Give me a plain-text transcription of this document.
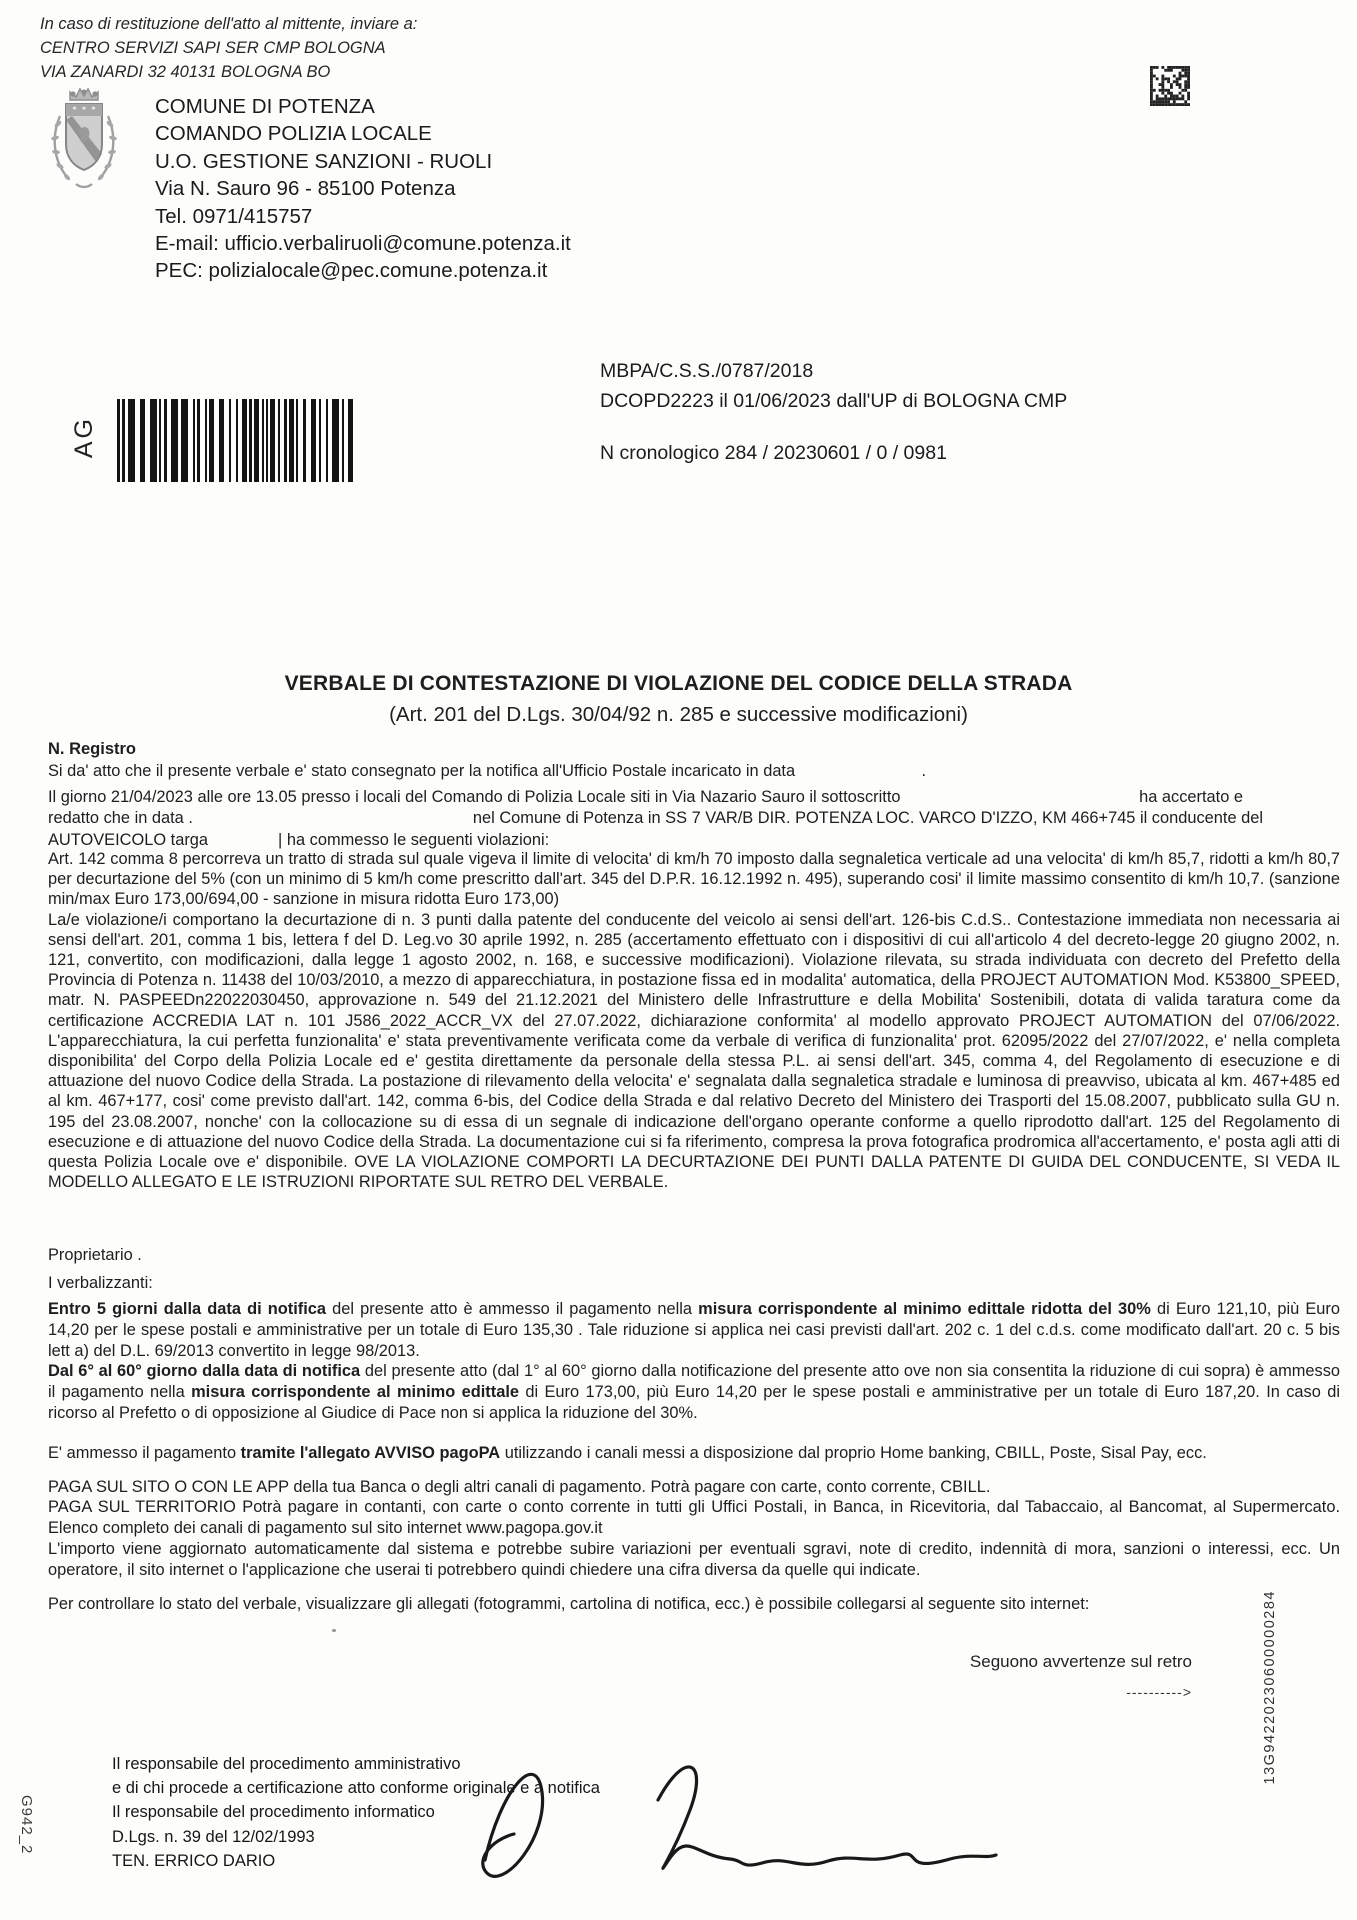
In caso di restituzione dell'atto al mittente, inviare a:
CENTRO SERVIZI SAPI SER CMP BOLOGNA
VIA ZANARDI 32 40131 BOLOGNA BO
COMUNE DI POTENZA
COMANDO POLIZIA LOCALE
U.O. GESTIONE SANZIONI - RUOLI
Via N. Sauro 96 - 85100 Potenza
Tel. 0971/415757
E-mail: ufficio.verbaliruoli@comune.potenza.it
PEC: polizialocale@pec.comune.potenza.it
AG
MBPA/C.S.S./0787/2018
DCOPD2223 il 01/06/2023 dall'UP di BOLOGNA CMP
N cronologico 284 / 20230601 / 0 / 0981
VERBALE DI CONTESTAZIONE DI VIOLAZIONE DEL CODICE DELLA STRADA
(Art. 201 del D.Lgs. 30/04/92 n. 285 e successive modificazioni)
N. Registro
Si da' atto che il presente verbale e' stato consegnato per la notifica all'Ufficio Postale incaricato in data	.
Il giorno 21/04/2023 alle ore 13.05 presso i locali del Comando di Polizia Locale siti in Via Nazario Sauro il sottoscritto	ha accertato e
redatto che in data .	nel Comune di Potenza in SS 7 VAR/B DIR. POTENZA LOC. VARCO D'IZZO, KM 466+745 il conducente del
AUTOVEICOLO targa	| ha commesso le seguenti violazioni:

Art. 142 comma 8 percorreva un tratto di strada sul quale vigeva il limite di velocita' di km/h 70 imposto dalla segnaletica verticale ad una velocita' di km/h 85,7, ridotti a km/h 80,7 per decurtazione del 5% (con un minimo di 5 km/h come prescritto dall'art. 345 del D.P.R. 16.12.1992 n. 495), superando cosi' il limite massimo consentito di km/h 10,7. (sanzione min/max Euro 173,00/694,00 - sanzione in misura ridotta Euro 173,00)

La/e violazione/i comportano la decurtazione di n. 3 punti dalla patente del conducente del veicolo ai sensi dell'art. 126-bis C.d.S.. Contestazione immediata non necessaria ai sensi dell'art. 201, comma 1 bis, lettera f del D. Leg.vo 30 aprile 1992, n. 285 (accertamento effettuato con i dispositivi di cui all'articolo 4 del decreto-legge 20 giugno 2002, n. 121, convertito, con modificazioni, dalla legge 1 agosto 2002, n. 168, e successive modificazioni). Violazione rilevata, su strada individuata con decreto del Prefetto della Provincia di Potenza n. 11438 del 10/03/2010, a mezzo di apparecchiatura, in postazione fissa ed in modalita' automatica, della PROJECT AUTOMATION Mod. K53800_SPEED, matr. N. PASPEEDn22022030450, approvazione n. 549 del 21.12.2021 del Ministero delle Infrastrutture e della Mobilita' Sostenibili, dotata di valida taratura come da certificazione ACCREDIA LAT n. 101 J586_2022_ACCR_VX del 27.07.2022, dichiarazione conformita' al modello approvato PROJECT AUTOMATION del 07/06/2022. L'apparecchiatura, la cui perfetta funzionalita' e' stata preventivamente verificata come da verbale di verifica di funzionalita' prot. 62095/2022 del 27/07/2022, e' nella completa disponibilita' del Corpo della Polizia Locale ed e' gestita direttamente da personale della stessa P.L. ai sensi dell'art. 345, comma 4, del Regolamento di esecuzione e di attuazione del nuovo Codice della Strada. La postazione di rilevamento della velocita' e' segnalata dalla segnaletica stradale e luminosa di preavviso, ubicata al km. 467+485 ed al km. 467+177, cosi' come previsto dall'art. 142, comma 6-bis, del Codice della Strada e dal relativo Decreto del Ministero dei Trasporti del 15.08.2007, pubblicato sulla GU n. 195 del 23.08.2007, nonche' con la collocazione su di essa di un segnale di indicazione dell'organo operante conforme a quello riprodotto dall'art. 125 del Regolamento di esecuzione e di attuazione del nuovo Codice della Strada. La documentazione cui si fa riferimento, compresa la prova fotografica prodromica all'accertamento, e' posta agli atti di questa Polizia Locale ove e' disponibile. OVE LA VIOLAZIONE COMPORTI LA DECURTAZIONE DEI PUNTI DALLA PATENTE DI GUIDA DEL CONDUCENTE, SI VEDA IL MODELLO ALLEGATO E LE ISTRUZIONI RIPORTATE SUL RETRO DEL VERBALE.

Proprietario .
I verbalizzanti:

Entro 5 giorni dalla data di notifica del presente atto è ammesso il pagamento nella misura corrispondente al minimo edittale ridotta del 30% di Euro 121,10, più Euro 14,20 per le spese postali e amministrative per un totale di Euro 135,30 . Tale riduzione si applica nei casi previsti dall'art. 202 c. 1 del c.d.s. come modificato dall'art. 20 c. 5 bis lett a) del D.L. 69/2013 convertito in legge 98/2013.

Dal 6° al 60° giorno dalla data di notifica del presente atto (dal 1° al 60° giorno dalla notificazione del presente atto ove non sia consentita la riduzione di cui sopra) è ammesso il pagamento nella misura corrispondente al minimo edittale di Euro 173,00, più Euro 14,20 per le spese postali e amministrative per un totale di Euro 187,20. In caso di ricorso al Prefetto o di opposizione al Giudice di Pace non si applica la riduzione del 30%.

E' ammesso il pagamento tramite l'allegato AVVISO pagoPA utilizzando i canali messi a disposizione dal proprio Home banking, CBILL, Poste, Sisal Pay, ecc.

PAGA SUL SITO O CON LE APP della tua Banca o degli altri canali di pagamento. Potrà pagare con carte, conto corrente, CBILL.

PAGA SUL TERRITORIO Potrà pagare in contanti, con carte o conto corrente in tutti gli Uffici Postali, in Banca, in Ricevitoria, dal Tabaccaio, al Bancomat, al Supermercato. Elenco completo dei canali di pagamento sul sito internet www.pagopa.gov.it

L'importo viene aggiornato automaticamente dal sistema e potrebbe subire variazioni per eventuali sgravi, note di credito, indennità di mora, sanzioni o interessi, ecc. Un operatore, il sito internet o l'applicazione che userai ti potrebbero quindi chiedere una cifra diversa da quelle qui indicate.

Per controllare lo stato del verbale, visualizzare gli allegati (fotogrammi, cartolina di notifica, ecc.) è possibile collegarsi al seguente sito internet:

Seguono avvertenze sul retro
---------->
Il responsabile del procedimento amministrativo
e di chi procede a certificazione atto conforme originale e a notifica
Il responsabile del procedimento informatico
D.Lgs. n. 39 del 12/02/1993
TEN. ERRICO DARIO
G942_2
13G94220230600000284
